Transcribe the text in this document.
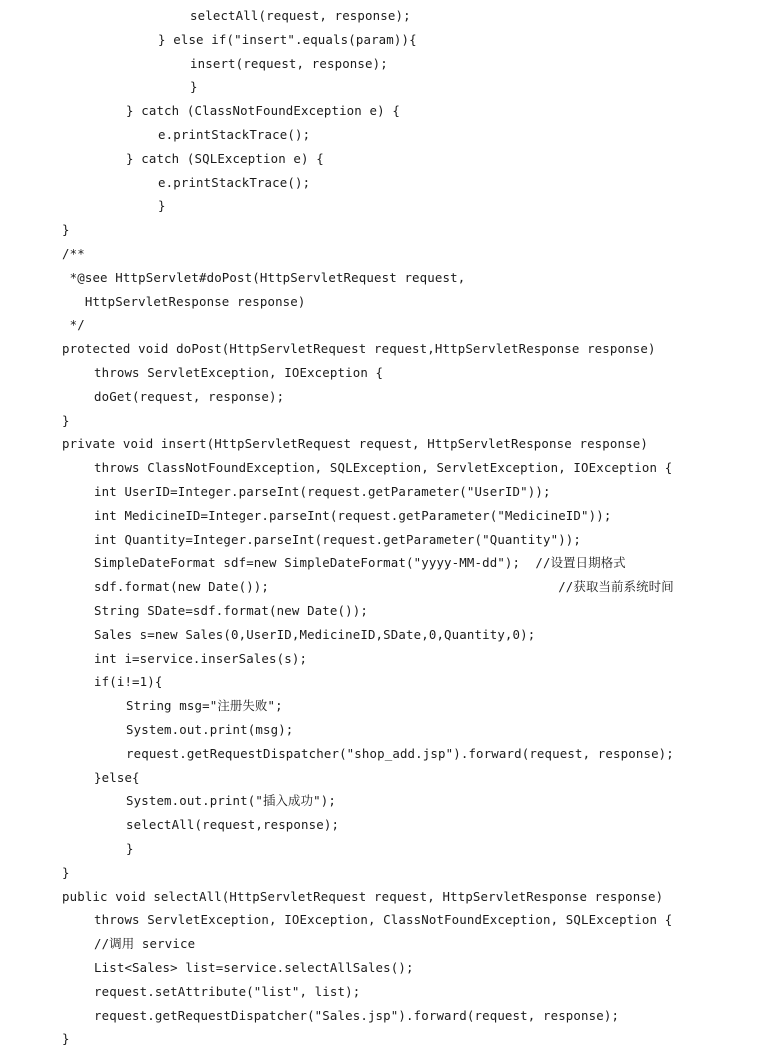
selectAll(request, response);
} else if("insert".equals(param)){
insert(request, response);
}
} catch (ClassNotFoundException e) {
e.printStackTrace();
} catch (SQLException e) {
e.printStackTrace();
}
}
/**
*@see HttpServlet#doPost(HttpServletRequest request,
HttpServletResponse response)
*/
protected void doPost(HttpServletRequest request,HttpServletResponse response)
throws ServletException, IOException {
doGet(request, response);
}
private void insert(HttpServletRequest request, HttpServletResponse response)
throws ClassNotFoundException, SQLException, ServletException, IOException {
int UserID=Integer.parseInt(request.getParameter("UserID"));
int MedicineID=Integer.parseInt(request.getParameter("MedicineID"));
int Quantity=Integer.parseInt(request.getParameter("Quantity"));
SimpleDateFormat sdf=new SimpleDateFormat("yyyy-MM-dd");  //设置日期格式
sdf.format(new Date());                                      //获取当前系统时间
String SDate=sdf.format(new Date());
Sales s=new Sales(0,UserID,MedicineID,SDate,0,Quantity,0);
int i=service.inserSales(s);
if(i!=1){
String msg="注册失败";
System.out.print(msg);
request.getRequestDispatcher("shop_add.jsp").forward(request, response);
}else{
System.out.print("插入成功");
selectAll(request,response);
}
}
public void selectAll(HttpServletRequest request, HttpServletResponse response)
throws ServletException, IOException, ClassNotFoundException, SQLException {
//调用 service
List<Sales> list=service.selectAllSales();
request.setAttribute("list", list);
request.getRequestDispatcher("Sales.jsp").forward(request, response);
}
